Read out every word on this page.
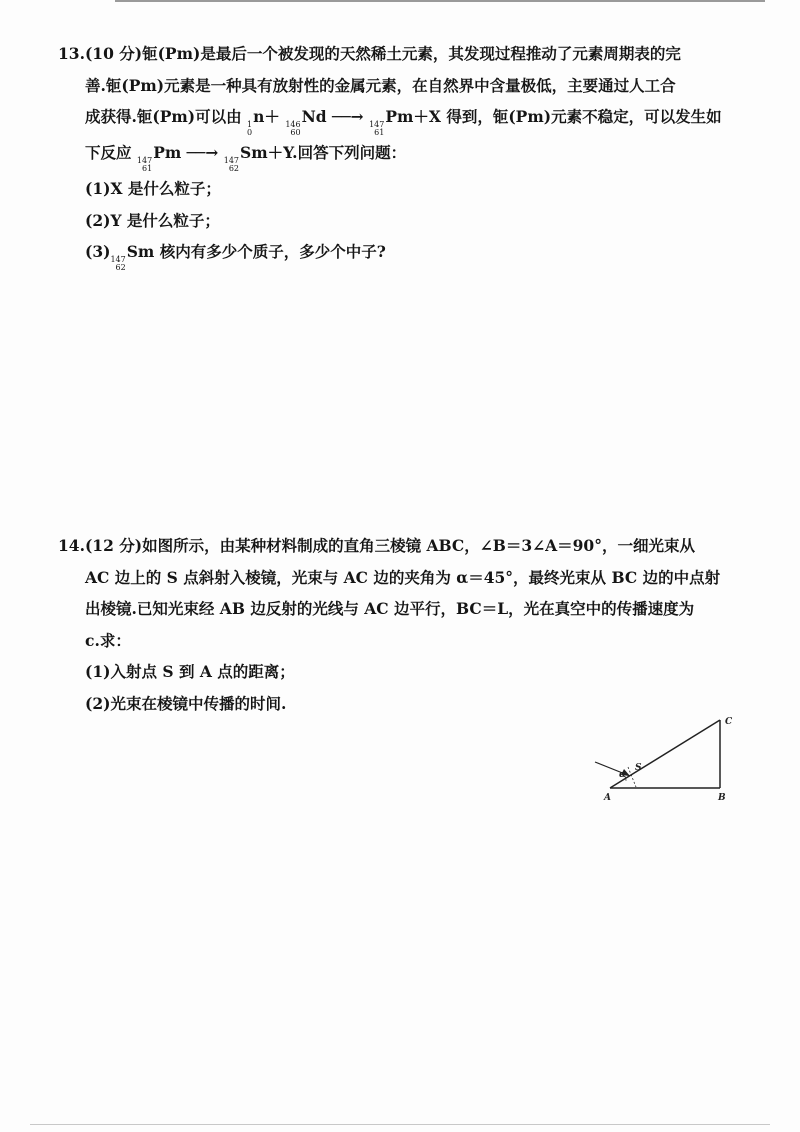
13.(10 分)钷(Pm)是最后一个被发现的天然稀土元素，其发现过程推动了元素周期表的完
善.钷(Pm)元素是一种具有放射性的金属元素，在自然界中含量极低，主要通过人工合
成获得.钷(Pm)可以由 1
0
n＋ 146
60
Nd ──→ 147
61
Pm＋X 得到，钷(Pm)元素不稳定，可以发生如
下反应 147
61
Pm ──→ 147
62
Sm＋Y.回答下列问题：
(1)X 是什么粒子；
(2)Y 是什么粒子；
(3) 147
62
Sm 核内有多少个质子，多少个中子?
14.(12 分)如图所示，由某种材料制成的直角三棱镜 ABC，∠B＝3∠A＝90°，一细光束从
AC 边上的 S 点斜射入棱镜，光束与 AC 边的夹角为 α＝45°，最终光束从 BC 边的中点射
出棱镜.已知光束经 AB 边反射的光线与 AC 边平行，BC＝L，光在真空中的传播速度为
c.求：
(1)入射点 S 到 A 点的距离；
(2)光束在棱镜中传播的时间.
A	B
C
S
α
